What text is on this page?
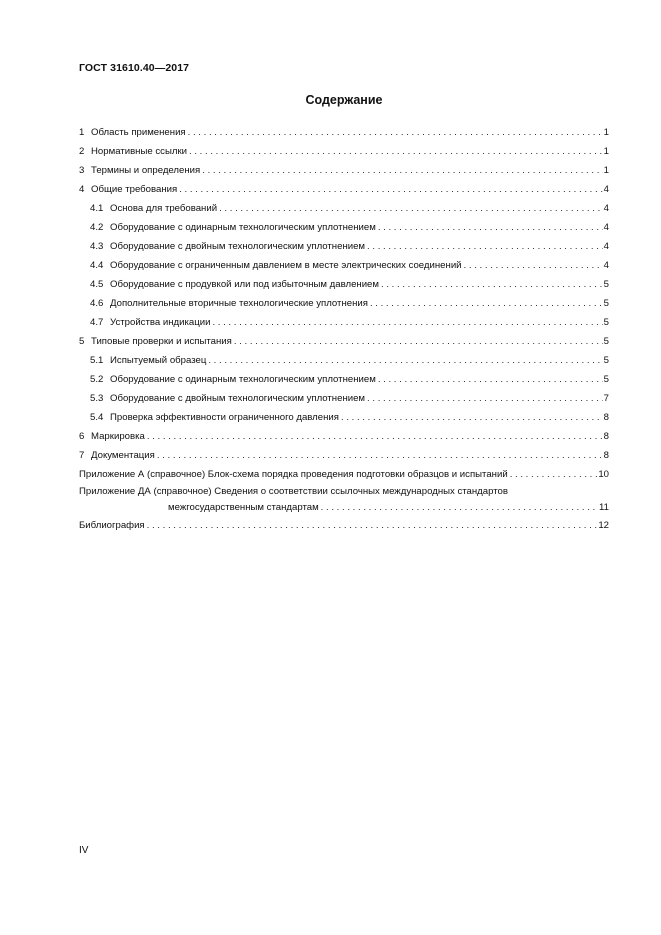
ГОСТ 31610.40—2017
Содержание
1 Область применения . . .	1
2 Нормативные ссылки . . .	1
3 Термины и определения . . .	1
4 Общие требования . . .	4
4.1 Основа для требований . . .	4
4.2 Оборудование с одинарным технологическим уплотнением . . .	4
4.3 Оборудование с двойным технологическим уплотнением . . .	4
4.4 Оборудование с ограниченным давлением в месте электрических соединений . . .	4
4.5 Оборудование с продувкой или под избыточным давлением . . .	5
4.6 Дополнительные вторичные технологические уплотнения . . .	5
4.7 Устройства индикации . . .	5
5 Типовые проверки и испытания . . .	5
5.1 Испытуемый образец . . .	5
5.2 Оборудование с одинарным технологическим уплотнением . . .	5
5.3 Оборудование с двойным технологическим уплотнением . . .	7
5.4 Проверка эффективности ограниченного давления . . .	8
6 Маркировка . . .	8
7 Документация . . .	8
Приложение А (справочное) Блок-схема порядка проведения подготовки образцов и испытаний . . .	10
Приложение ДА (справочное) Сведения о соответствии ссылочных международных стандартов
межгосударственным стандартам . . .	11
Библиография . . .	12
IV
